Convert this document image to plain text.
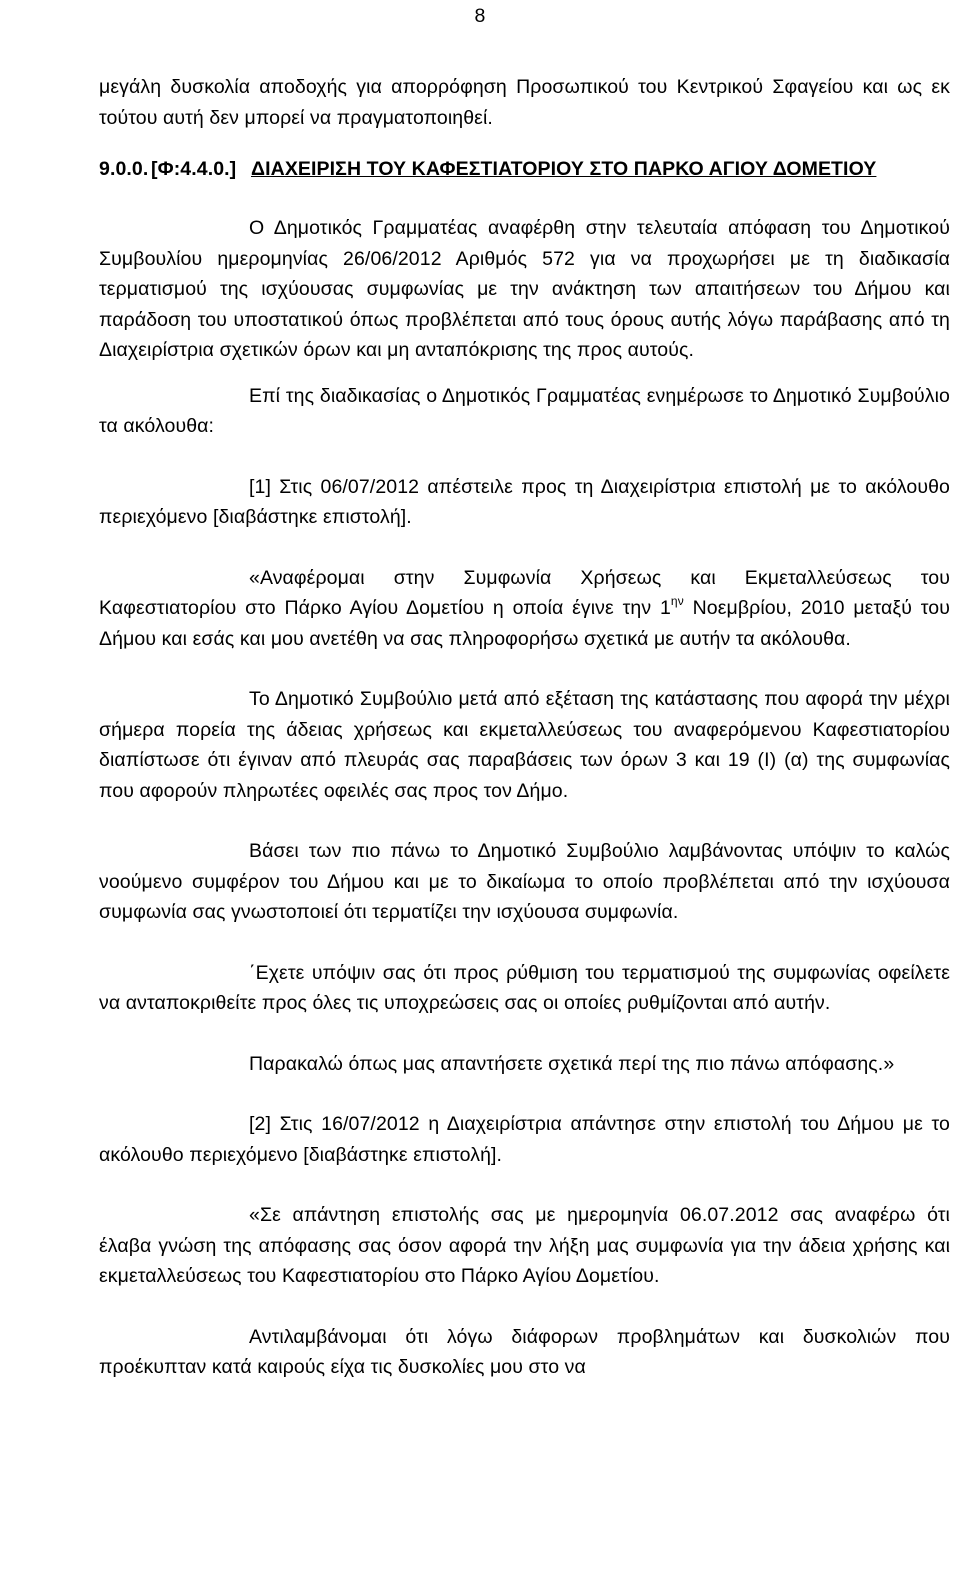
8

μεγάλη δυσκολία αποδοχής για απορρόφηση Προσωπικού του Κεντρικού Σφαγείου και ως εκ τούτου αυτή δεν μπορεί να πραγματοποιηθεί.

9.0.0. [Φ:4.4.0.] ΔΙΑΧΕΙΡΙΣΗ ΤΟΥ ΚΑΦΕΣΤΙΑΤΟΡΙΟΥ ΣΤΟ ΠΑΡΚΟ ΑΓΙΟΥ ΔΟΜΕΤΙΟΥ

Ο Δημοτικός Γραμματέας αναφέρθη στην τελευταία απόφαση του Δημοτικού Συμβουλίου ημερομηνίας 26/06/2012 Αριθμός 572 για να προχωρήσει με τη διαδικασία τερματισμού της ισχύουσας συμφωνίας με την ανάκτηση των απαιτήσεων του Δήμου και παράδοση του υποστατικού όπως προβλέπεται από τους όρους αυτής λόγω παράβασης από τη Διαχειρίστρια σχετικών όρων και μη ανταπόκρισης της προς αυτούς.

Επί της διαδικασίας ο Δημοτικός Γραμματέας ενημέρωσε το Δημοτικό Συμβούλιο τα ακόλουθα:

[1] Στις 06/07/2012 απέστειλε προς τη Διαχειρίστρια επιστολή με το ακόλουθο περιεχόμενο [διαβάστηκε επιστολή].

«Αναφέρομαι στην Συμφωνία Χρήσεως και Εκμεταλλεύσεως του Καφεστιατορίου στο Πάρκο Αγίου Δομετίου η οποία έγινε την $1^{\eta\nu}$ Νοεμβρίου, 2010 μεταξύ του Δήμου και εσάς και μου ανετέθη να σας πληροφορήσω σχετικά με αυτήν τα ακόλουθα.

Το Δημοτικό Συμβούλιο μετά από εξέταση της κατάστασης που αφορά την μέχρι σήμερα πορεία της άδειας χρήσεως και εκμεταλλεύσεως του αναφερόμενου Καφεστιατορίου διαπίστωσε ότι έγιναν από πλευράς σας παραβάσεις των όρων 3 και 19 (I) (α) της συμφωνίας που αφορούν πληρωτέες οφειλές σας προς τον Δήμο.

Βάσει των πιο πάνω το Δημοτικό Συμβούλιο λαμβάνοντας υπόψιν το καλώς νοούμενο συμφέρον του Δήμου και με το δικαίωμα το οποίο προβλέπεται από την ισχύουσα συμφωνία σας γνωστοποιεί ότι τερματίζει την ισχύουσα συμφωνία.

΄Εχετε υπόψιν σας ότι προς ρύθμιση του τερματισμού της συμφωνίας οφείλετε να ανταποκριθείτε προς όλες τις υποχρεώσεις σας οι οποίες ρυθμίζονται από αυτήν.

Παρακαλώ όπως μας απαντήσετε σχετικά περί της πιο πάνω απόφασης.»

[2] Στις 16/07/2012 η Διαχειρίστρια απάντησε στην επιστολή του Δήμου με το ακόλουθο περιεχόμενο [διαβάστηκε επιστολή].

«Σε απάντηση επιστολής σας με ημερομηνία 06.07.2012 σας αναφέρω ότι έλαβα γνώση της απόφασης σας όσον αφορά την λήξη μας συμφωνία για την άδεια χρήσης και εκμεταλλεύσεως του Καφεστιατορίου στο Πάρκο Αγίου Δομετίου.

Αντιλαμβάνομαι ότι λόγω διάφορων προβλημάτων και δυσκολιών που προέκυπταν κατά καιρούς είχα τις δυσκολίες μου στο να
